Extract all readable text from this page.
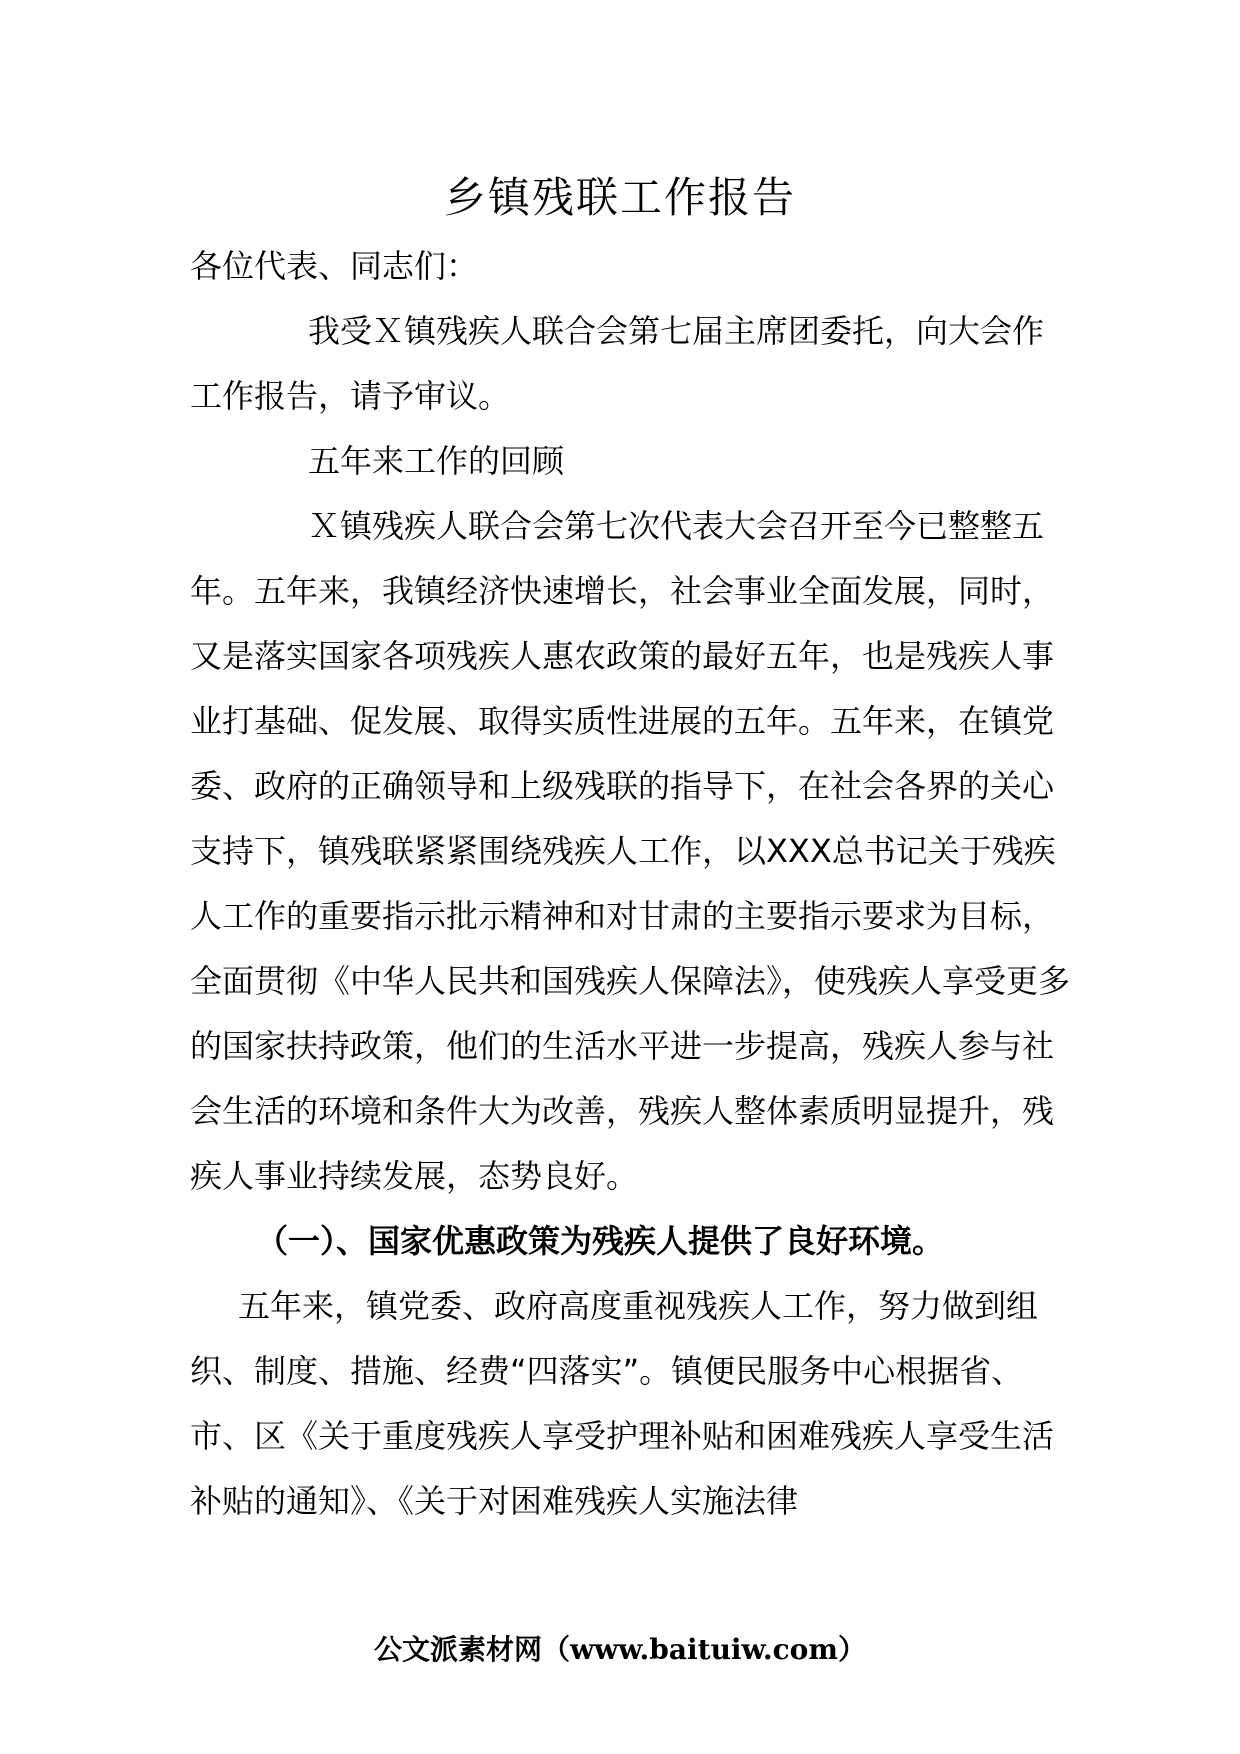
乡镇残联工作报告

各位代表、同志们：

我受Ｘ镇残疾人联合会第七届主席团委托，向大会作工作报告，请予审议。

五年来工作的回顾

Ｘ镇残疾人联合会第七次代表大会召开至今已整整五年。五年来，我镇经济快速增长，社会事业全面发展，同时，又是落实国家各项残疾人惠农政策的最好五年，也是残疾人事业打基础、促发展、取得实质性进展的五年。五年来，在镇党委、政府的正确领导和上级残联的指导下，在社会各界的关心支持下，镇残联紧紧围绕残疾人工作，以XXX总书记关于残疾人工作的重要指示批示精神和对甘肃的主要指示要求为目标，全面贯彻《中华人民共和国残疾人保障法》，使残疾人享受更多的国家扶持政策，他们的生活水平进一步提高，残疾人参与社会生活的环境和条件大为改善，残疾人整体素质明显提升，残疾人事业持续发展，态势良好。

（一）、国家优惠政策为残疾人提供了良好环境。

五年来，镇党委、政府高度重视残疾人工作，努力做到组织、制度、措施、经费“四落实”。镇便民服务中心根据省、市、区《关于重度残疾人享受护理补贴和困难残疾人享受生活补贴的通知》、《关于对困难残疾人实施法律

公文派素材网（www.baituiw.com）
